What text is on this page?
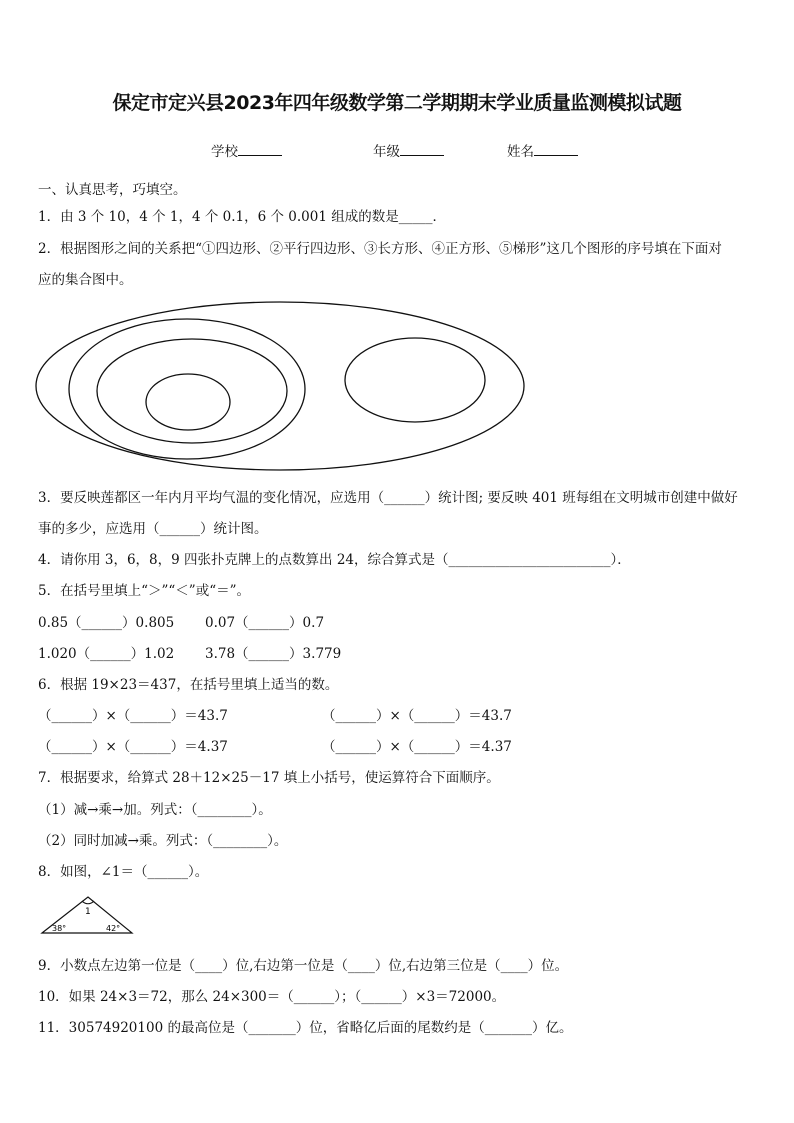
保定市定兴县2023年四年级数学第二学期期末学业质量监测模拟试题
学校	年级	姓名
一、认真思考，巧填空。
1．由 3 个 10，4 个 1，4 个 0.1，6 个 0.001 组成的数是_____．
2．根据图形之间的关系把“①四边形、②平行四边形、③长方形、④正方形、⑤梯形”这几个图形的序号填在下面对
应的集合图中。
3．要反映莲都区一年内月平均气温的变化情况，应选用（______）统计图; 要反映 401 班每组在文明城市创建中做好
事的多少，应选用（______）统计图。
4．请你用 3，6，8，9 四张扑克牌上的点数算出 24，综合算式是（________________________）．
5．在括号里填上“＞”“＜”或“＝”。
0.85（______）0.805 0.07（______）0.7
1.020（______）1.02 3.78（______）3.779
6．根据 19×23＝437，在括号里填上适当的数。
（______）×（______）＝43.7	（______）×（______）＝43.7
（______）×（______）＝4.37	（______）×（______）＝4.37
7．根据要求，给算式 28＋12×25－17 填上小括号，使运算符合下面顺序。
（1）减→乘→加。列式：（________）。
（2）同时加减→乘。列式：（________）。
8．如图，∠1＝（______）。
1
38°	42°
9．小数点左边第一位是（____）位,右边第一位是（____）位,右边第三位是（____）位。
10．如果 24×3＝72，那么 24×300＝（______）；（______）×3＝72000。
11．30574920100 的最高位是（_______）位，省略亿后面的尾数约是（_______）亿。
